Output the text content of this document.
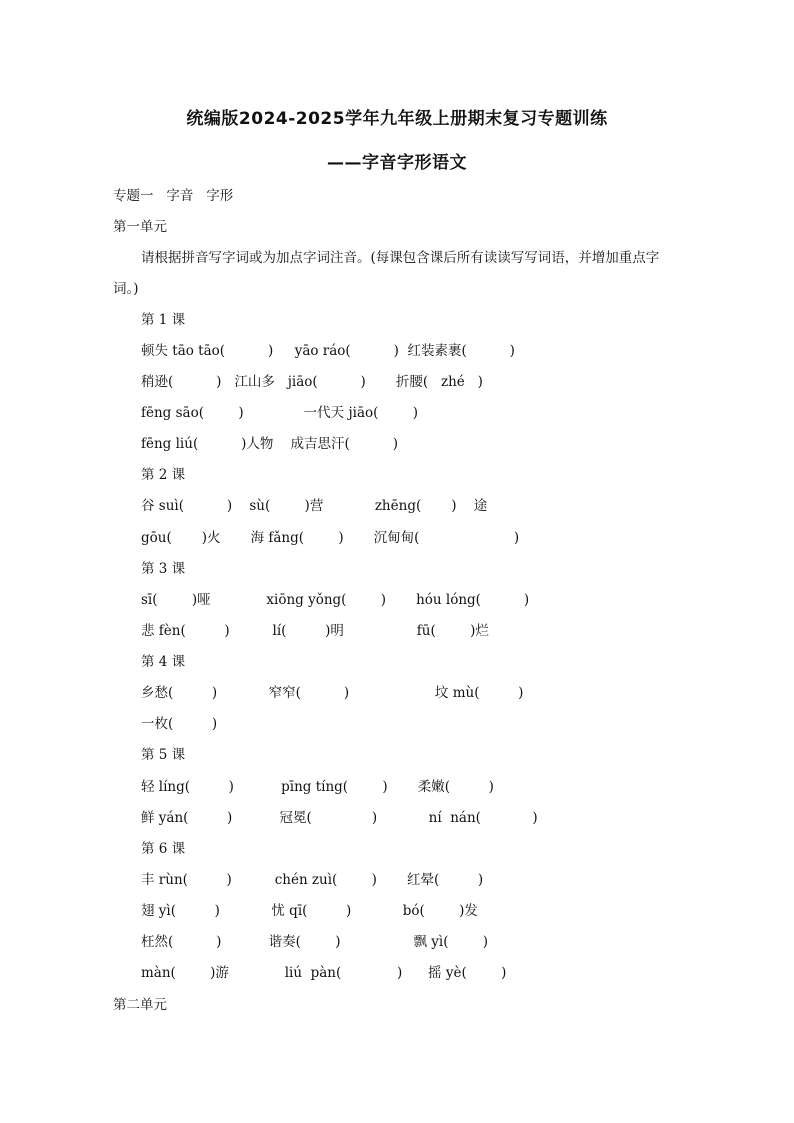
统编版2024-2025学年九年级上册期末复习专题训练
——字音字形语文
专题一   字音   字形
第一单元
请根据拼音写字词或为加点字词注音。(每课包含课后所有读读写写词语，并增加重点字
词。)
第 1 课
顿失 tāo tāo(          )     yāo ráo(          )  红装素裹(          )
稍逊(          )   江山多   jiāo(          )       折腰(   zhé   )
fēng sāo(        )              一代天 jiāo(        )
fēng liú(          )人物    成吉思汗(          )
第 2 课
谷 suì(          )    sù(        )营            zhēng(       )    途
gōu(       )火       海 fǎng(        )       沉甸甸(                      )
第 3 课
sī(        )哑             xiōng yǒng(        )       hóu lóng(          )
悲 fèn(         )          lí(         )明                 fū(        )烂
第 4 课
乡愁(         )            窄窄(          )                    坟 mù(         )
一枚(         )
第 5 课
轻 líng(         )           pīng tíng(        )       柔嫩(         )
鲜 yán(         )           冠冕(              )            ní  nán(            )
第 6 课
丰 rùn(         )          chén zuì(        )       红晕(         )
翅 yì(         )            忧 qī(         )            bó(        )发
枉然(          )           谐奏(        )                 飘 yì(        )
màn(        )游             liú  pàn(             )      摇 yè(        )
第二单元
